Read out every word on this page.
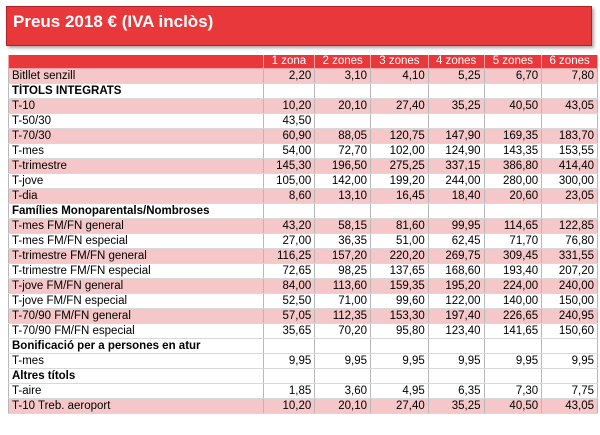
Preus 2018 € (IVA inclòs)
	1 zona	2 zones	3 zones	4 zones	5 zones	6 zones
Bitllet senzill	2,20	3,10	4,10	5,25	6,70	7,80
TÍTOLS INTEGRATS						
T-10	10,20	20,10	27,40	35,25	40,50	43,05
T-50/30	43,50					
T-70/30	60,90	88,05	120,75	147,90	169,35	183,70
T-mes	54,00	72,70	102,00	124,90	143,35	153,55
T-trimestre	145,30	196,50	275,25	337,15	386,80	414,40
T-jove	105,00	142,00	199,20	244,00	280,00	300,00
T-dia	8,60	13,10	16,45	18,40	20,60	23,05
Famílies Monoparentals/Nombroses						
T-mes FM/FN general	43,20	58,15	81,60	99,95	114,65	122,85
T-mes FM/FN especial	27,00	36,35	51,00	62,45	71,70	76,80
T-trimestre FM/FN general	116,25	157,20	220,20	269,75	309,45	331,55
T-trimestre FM/FN especial	72,65	98,25	137,65	168,60	193,40	207,20
T-jove FM/FN general	84,00	113,60	159,35	195,20	224,00	240,00
T-jove FM/FN especial	52,50	71,00	99,60	122,00	140,00	150,00
T-70/90 FM/FN general	57,05	112,35	153,30	197,40	226,65	240,95
T-70/90 FM/FN especial	35,65	70,20	95,80	123,40	141,65	150,60
Bonificació per a persones en atur						
T-mes	9,95	9,95	9,95	9,95	9,95	9,95
Altres títols						
T-aire	1,85	3,60	4,95	6,35	7,30	7,75
T-10 Treb. aeroport	10,20	20,10	27,40	35,25	40,50	43,05
